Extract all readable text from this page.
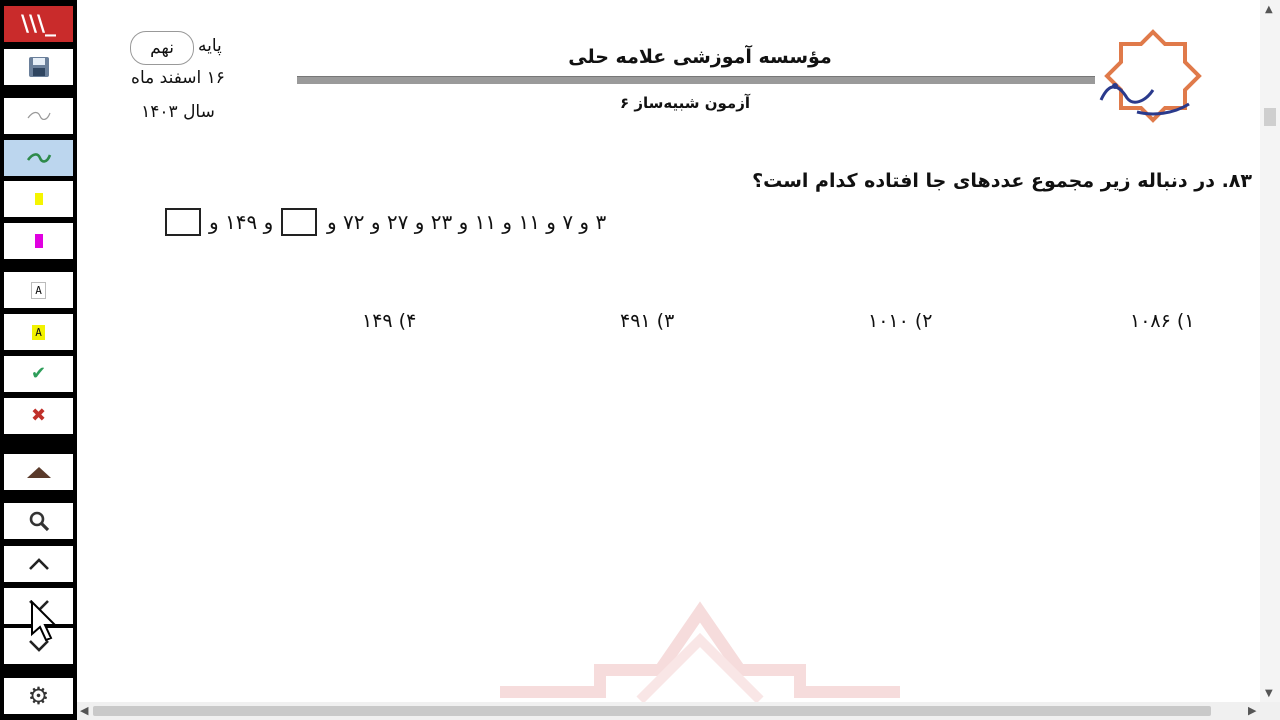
\\\_
A
A
✔
✖
⚙
پایه
نهم
۱۶ اسفند ماه
سال ۱۴۰۳
مؤسسه آموزشی علامه حلی
آزمون شبیه‌ساز ۶
۸۳. در دنباله زیر مجموع عددهای جا افتاده کدام است؟
و ۱۴۹ و	۳ و ۷ و ۱۱ و ۱۱ و ۲۳ و ۲۷ و ۷۲ و
۱) ۱۰۸۶
۲) ۱۰۱۰
۳) ۴۹۱
۴) ۱۴۹
▲
▼
◀	▶
